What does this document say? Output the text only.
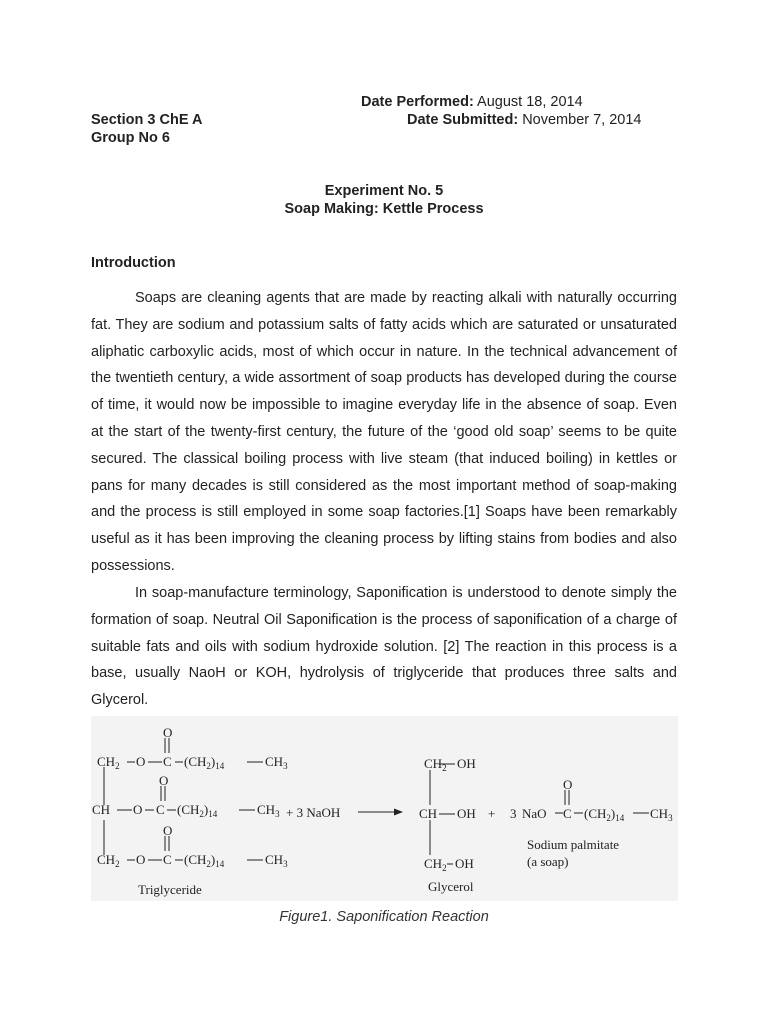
Date Performed: August 18, 2014
Section 3 ChE A	Date Submitted: November 7, 2014
Group No 6
Experiment No. 5
Soap Making: Kettle Process
Introduction

Soaps are cleaning agents that are made by reacting alkali with naturally occurring fat. They are sodium and potassium salts of fatty acids which are saturated or unsaturated aliphatic carboxylic acids, most of which occur in nature. In the technical advancement of the twentieth century, a wide assortment of soap products has developed during the course of time, it would now be impossible to imagine everyday life in the absence of soap. Even at the start of the twenty-first century, the future of the ‘good old soap’ seems to be quite secured. The classical boiling process with live steam (that induced boiling) in kettles or pans for many decades is still considered as the most important method of soap-making and the process is still employed in some soap factories.[1] Soaps have been remarkably useful as it has been improving the cleaning process by lifting stains from bodies and also possessions.

In soap-manufacture terminology, Saponification is understood to denote simply the formation of soap. Neutral Oil Saponification is the process of saponification of a charge of suitable fats and oils with sodium hydroxide solution. [2] The reaction in this process is a base, usually NaoH or KOH, hydrolysis of triglyceride that produces three salts and Glycerol.

O
$CH_2$ O C $(CH_2)_{14}$	$CH_3$
O
CH O C $(CH_2)_{14}$	$CH_3$
O
$CH_2$ O C $(CH_2)_{14}$	$CH_3$
Triglyceride
+ 3 NaOH
$CH_2$ OH
CH OH
$CH_2$ OH
Glycerol
+ 3
O
NaO C $(CH_2)_{14}$ $CH_3$
Sodium palmitate
(a soap)
Figure1. Saponification Reaction
